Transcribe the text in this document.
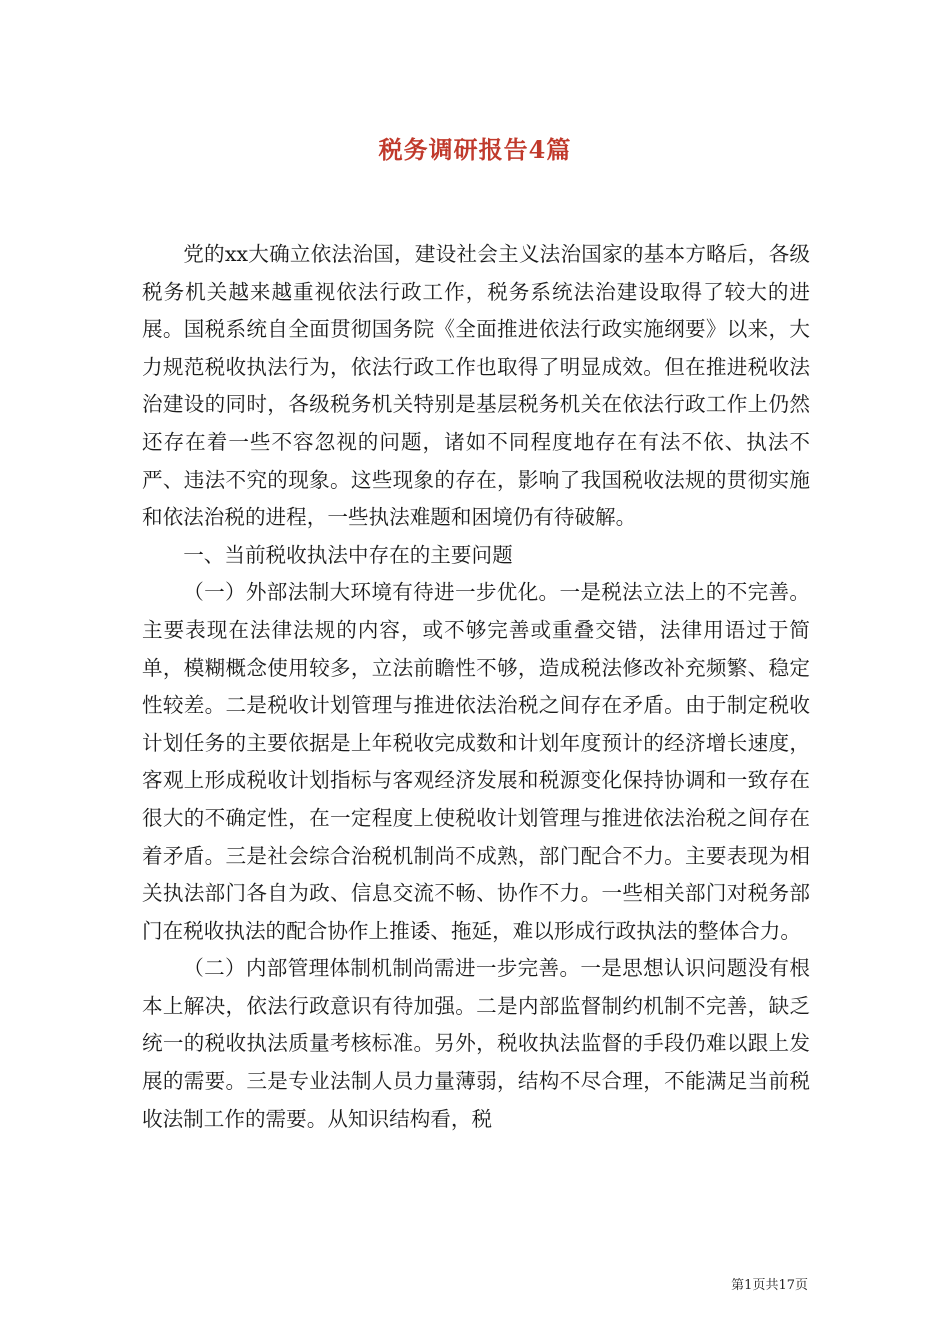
税务调研报告4篇

党的xx大确立依法治国，建设社会主义法治国家的基本方略后，各级税务机关越来越重视依法行政工作，税务系统法治建设取得了较大的进展。国税系统自全面贯彻国务院《全面推进依法行政实施纲要》以来，大力规范税收执法行为，依法行政工作也取得了明显成效。但在推进税收法治建设的同时，各级税务机关特别是基层税务机关在依法行政工作上仍然还存在着一些不容忽视的问题，诸如不同程度地存在有法不依、执法不严、违法不究的现象。这些现象的存在，影响了我国税收法规的贯彻实施和依法治税的进程，一些执法难题和困境仍有待破解。

一、当前税收执法中存在的主要问题

（一）外部法制大环境有待进一步优化。一是税法立法上的不完善。主要表现在法律法规的内容，或不够完善或重叠交错，法律用语过于简单，模糊概念使用较多，立法前瞻性不够，造成税法修改补充频繁、稳定性较差。二是税收计划管理与推进依法治税之间存在矛盾。由于制定税收计划任务的主要依据是上年税收完成数和计划年度预计的经济增长速度，客观上形成税收计划指标与客观经济发展和税源变化保持协调和一致存在很大的不确定性，在一定程度上使税收计划管理与推进依法治税之间存在着矛盾。三是社会综合治税机制尚不成熟，部门配合不力。主要表现为相关执法部门各自为政、信息交流不畅、协作不力。一些相关部门对税务部门在税收执法的配合协作上推诿、拖延，难以形成行政执法的整体合力。

（二）内部管理体制机制尚需进一步完善。一是思想认识问题没有根本上解决，依法行政意识有待加强。二是内部监督制约机制不完善，缺乏统一的税收执法质量考核标准。另外，税收执法监督的手段仍难以跟上发展的需要。三是专业法制人员力量薄弱，结构不尽合理，不能满足当前税收法制工作的需要。从知识结构看，税

第1页共17页
